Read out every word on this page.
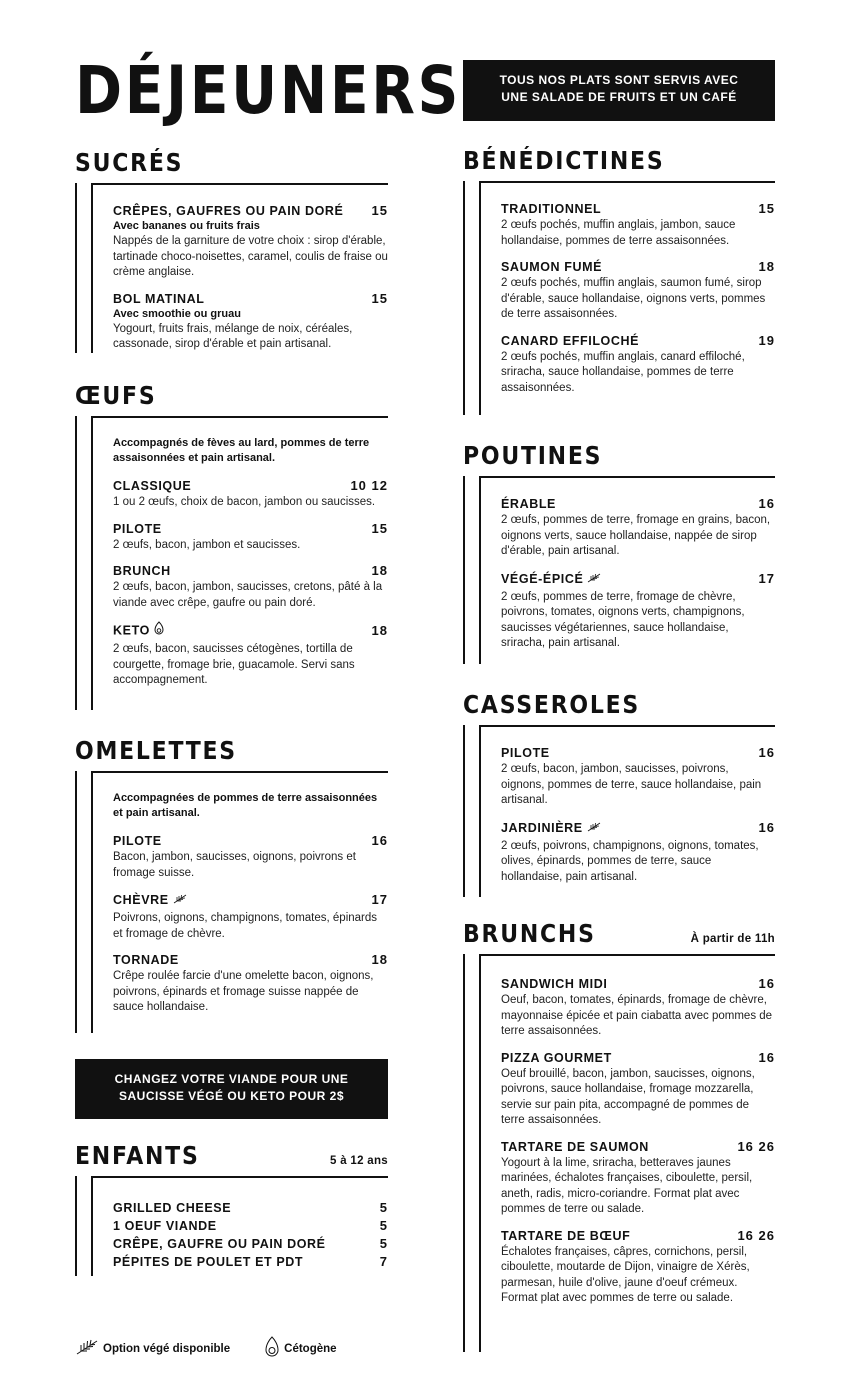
DÉJEUNERS
SUCRÉS
CRÊPES, GAUFRES OU PAIN DORÉ 15
Avec bananes ou fruits frais
Nappés de la garniture de votre choix : sirop d'érable, tartinade choco-noisettes, caramel, coulis de fraise ou crème anglaise.
BOL MATINAL	15
Avec smoothie ou gruau
Yogourt, fruits frais, mélange de noix, céréales, cassonade, sirop d'érable et pain artisanal.
ŒUFS
Accompagnés de fèves au lard, pommes de terre assaisonnées et pain artisanal.
CLASSIQUE	10 12
1 ou 2 œufs, choix de bacon, jambon ou saucisses.
PILOTE	15
2 œufs, bacon, jambon et saucisses.
BRUNCH	18
2 œufs, bacon, jambon, saucisses, cretons, pâté à la viande avec crêpe, gaufre ou pain doré.
KETO	18
2 œufs, bacon, saucisses cétogènes, tortilla de courgette, fromage brie, guacamole. Servi sans accompagnement.
OMELETTES
Accompagnées de pommes de terre assaisonnées et pain artisanal.
PILOTE	16
Bacon, jambon, saucisses, oignons, poivrons et fromage suisse.
CHÈVRE	17
Poivrons, oignons, champignons, tomates, épinards et fromage de chèvre.
TORNADE	18
Crêpe roulée farcie d'une omelette bacon, oignons, poivrons, épinards et fromage suisse nappée de sauce hollandaise.
CHANGEZ VOTRE VIANDE POUR UNE
SAUCISSE VÉGÉ OU KETO POUR 2$
ENFANTS	5 à 12 ans
GRILLED CHEESE	5
1 OEUF VIANDE	5
CRÊPE, GAUFRE OU PAIN DORÉ	5
PÉPITES DE POULET ET PDT	7
TOUS NOS PLATS SONT SERVIS AVEC
UNE SALADE DE FRUITS ET UN CAFÉ
BÉNÉDICTINES
TRADITIONNEL	15
2 œufs pochés, muffin anglais, jambon, sauce hollandaise, pommes de terre assaisonnées.
SAUMON FUMÉ	18
2 œufs pochés, muffin anglais, saumon fumé, sirop d'érable, sauce hollandaise, oignons verts, pommes de terre assaisonnées.
CANARD EFFILOCHÉ	19
2 œufs pochés, muffin anglais, canard effiloché, sriracha, sauce hollandaise, pommes de terre assaisonnées.
POUTINES
ÉRABLE	16
2 œufs, pommes de terre, fromage en grains, bacon, oignons verts, sauce hollandaise, nappée de sirop d'érable, pain artisanal.
VÉGÉ-ÉPICÉ	17
2 œufs, pommes de terre, fromage de chèvre, poivrons, tomates, oignons verts, champignons, saucisses végétariennes, sauce hollandaise, sriracha, pain artisanal.
CASSEROLES
PILOTE	16
2 œufs, bacon, jambon, saucisses, poivrons, oignons, pommes de terre, sauce hollandaise, pain artisanal.
JARDINIÈRE	16
2 œufs, poivrons, champignons, oignons, tomates, olives, épinards, pommes de terre, sauce hollandaise, pain artisanal.
BRUNCHS	À partir de 11h
SANDWICH MIDI	16
Oeuf, bacon, tomates, épinards, fromage de chèvre, mayonnaise épicée et pain ciabatta avec pommes de terre assaisonnées.
PIZZA GOURMET	16
Oeuf brouillé, bacon, jambon, saucisses, oignons, poivrons, sauce hollandaise, fromage mozzarella, servie sur pain pita, accompagné de pommes de terre assaisonnées.
TARTARE DE SAUMON	16 26
Yogourt à la lime, sriracha, betteraves jaunes marinées, échalotes françaises, ciboulette, persil, aneth, radis, micro-coriandre. Format plat avec pommes de terre ou salade.
TARTARE DE BŒUF	16 26
Échalotes françaises, câpres, cornichons, persil, ciboulette, moutarde de Dijon, vinaigre de Xérès, parmesan, huile d'olive, jaune d'oeuf crémeux. Format plat avec pommes de terre ou salade.
Option végé disponible	Cétogène
